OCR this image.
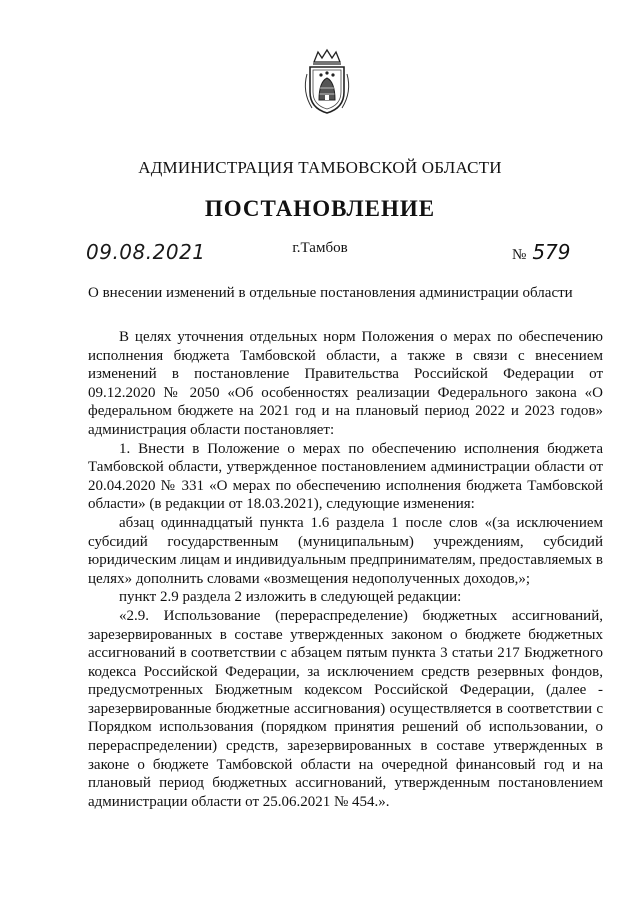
АДМИНИСТРАЦИЯ ТАМБОВСКОЙ ОБЛАСТИ
ПОСТАНОВЛЕНИЕ
09.08.2021	г.Тамбов	№ 579
О внесении изменений в отдельные постановления администрации области

В целях уточнения отдельных норм Положения о мерах по обеспечению исполнения бюджета Тамбовской области, а также в связи с внесением изменений в постановление Правительства Российской Федерации от 09.12.2020 № 2050 «Об особенностях реализации Федерального закона «О федеральном бюджете на 2021 год и на плановый период 2022 и 2023 годов» администрация области постановляет:

1. Внести в Положение о мерах по обеспечению исполнения бюджета Тамбовской области, утвержденное постановлением администрации области от 20.04.2020 № 331 «О мерах по обеспечению исполнения бюджета Тамбовской области» (в редакции от 18.03.2021), следующие изменения:

абзац одиннадцатый пункта 1.6 раздела 1 после слов «(за исключением субсидий государственным (муниципальным) учреждениям, субсидий юридическим лицам и индивидуальным предпринимателям, предоставляемых в целях» дополнить словами «возмещения недополученных доходов,»;

пункт 2.9 раздела 2 изложить в следующей редакции:

«2.9. Использование (перераспределение) бюджетных ассигнований, зарезервированных в составе утвержденных законом о бюджете бюджетных ассигнований в соответствии с абзацем пятым пункта 3 статьи 217 Бюджетного кодекса Российской Федерации, за исключением средств резервных фондов, предусмотренных Бюджетным кодексом Российской Федерации, (далее - зарезервированные бюджетные ассигнования) осуществляется в соответствии с Порядком использования (порядком принятия решений об использовании, о перераспределении) средств, зарезервированных в составе утвержденных в законе о бюджете Тамбовской области на очередной финансовый год и на плановый период бюджетных ассигнований, утвержденным постановлением администрации области от 25.06.2021 № 454.».
